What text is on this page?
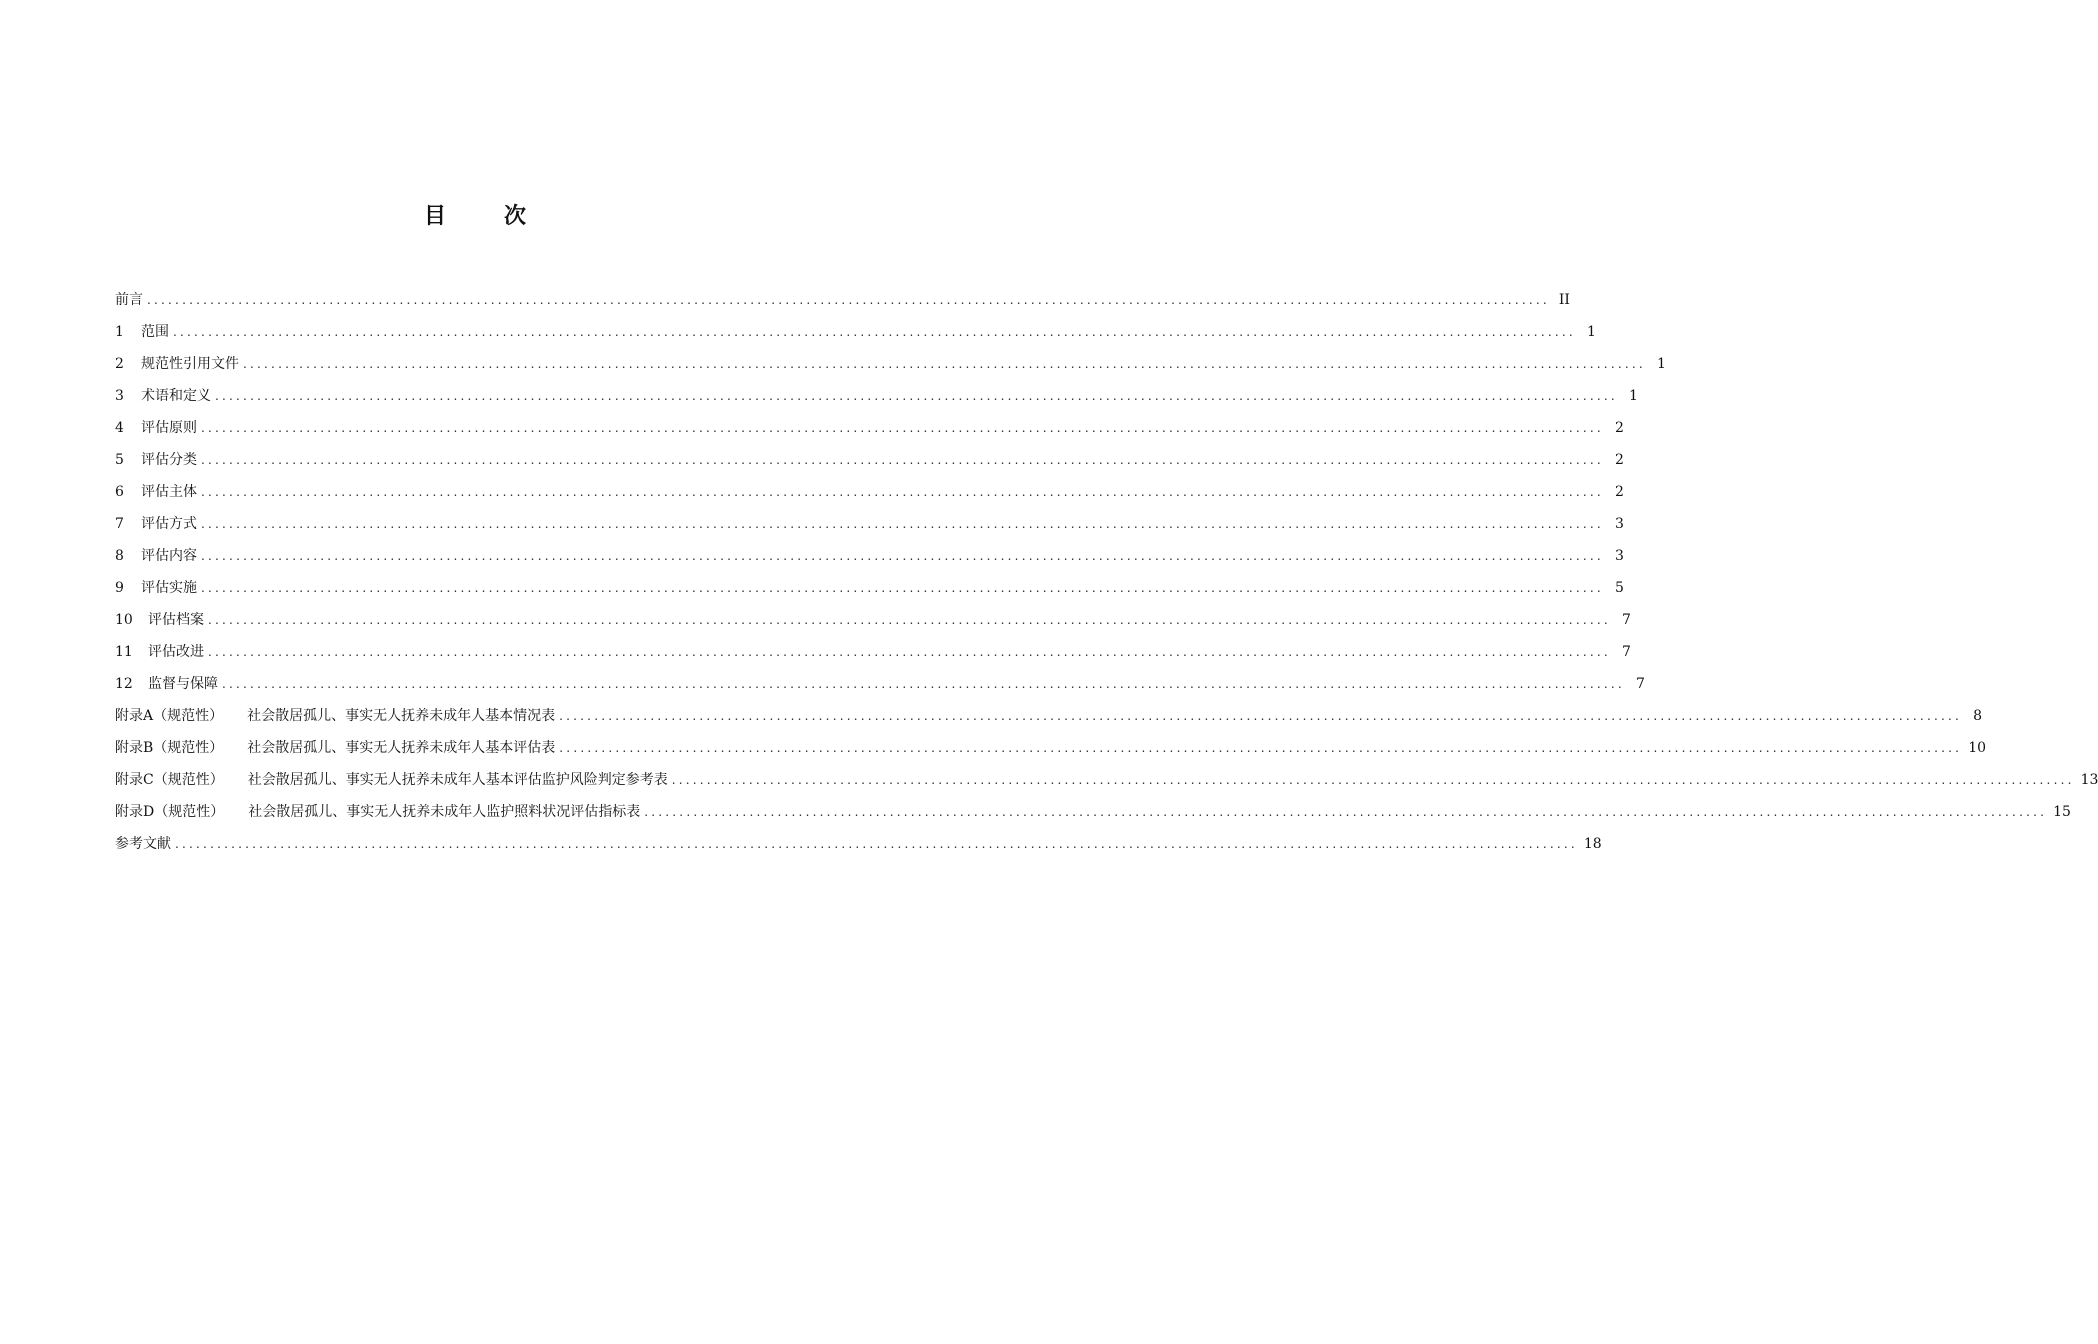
目	次
前言 ........................................................................................................................................................................................................ II
1 范围 ........................................................................................................................................................................................................ 1
2 规范性引用文件 ........................................................................................................................................................................................................ 1
3 术语和定义 ........................................................................................................................................................................................................ 1
4 评估原则 ........................................................................................................................................................................................................ 2
5 评估分类 ........................................................................................................................................................................................................ 2
6 评估主体 ........................................................................................................................................................................................................ 2
7 评估方式 ........................................................................................................................................................................................................ 3
8 评估内容 ........................................................................................................................................................................................................ 3
9 评估实施 ........................................................................................................................................................................................................ 5
10 评估档案 ........................................................................................................................................................................................................ 7
11 评估改进 ........................................................................................................................................................................................................ 7
12 监督与保障 ........................................................................................................................................................................................................ 7
附录A（规范性） 社会散居孤儿、事实无人抚养未成年人基本情况表 ........................................................................................................................................................................................................ 8
附录B（规范性） 社会散居孤儿、事实无人抚养未成年人基本评估表 ........................................................................................................................................................................................................ 10
附录C（规范性） 社会散居孤儿、事实无人抚养未成年人基本评估监护风险判定参考表 ........................................................................................................................................................................................................ 13
附录D（规范性） 社会散居孤儿、事实无人抚养未成年人监护照料状况评估指标表 ........................................................................................................................................................................................................ 15
参考文献 ........................................................................................................................................................................................................ 18
